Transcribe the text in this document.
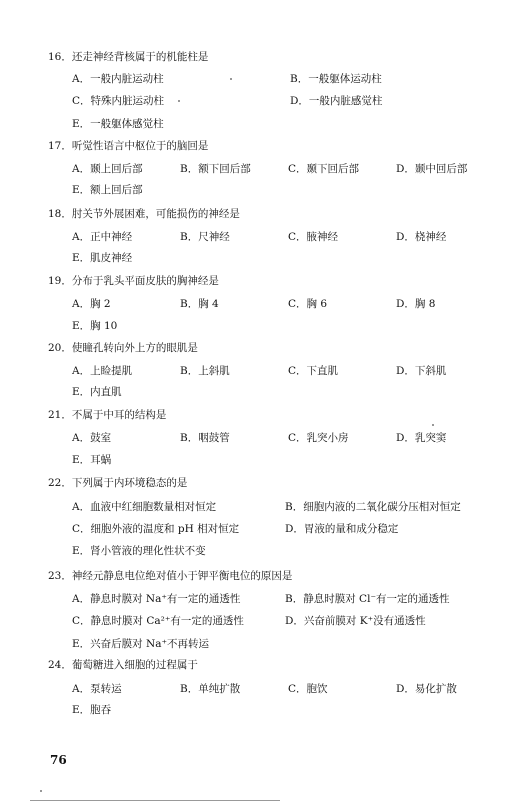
16．还走神经背核属于的机能柱是
A．一般内脏运动柱	B．一般躯体运动柱
C．特殊内脏运动柱	D．一般内脏感觉柱
E．一般躯体感觉柱
17．听觉性语言中枢位于的脑回是
A．颞上回后部	B．额下回后部	C．颞下回后部	D．颞中回后部
E．额上回后部
18．肘关节外展困难，可能损伤的神经是
A．正中神经	B．尺神经	C．腋神经	D．桡神经
E．肌皮神经
19．分布于乳头平面皮肤的胸神经是
A．胸 2	B．胸 4	C．胸 6	D．胸 8
E．胸 10
20．使瞳孔转向外上方的眼肌是
A．上睑提肌	B．上斜肌	C．下直肌	D．下斜肌
E．内直肌
21．不属于中耳的结构是
A．鼓室	B．咽鼓管	C．乳突小房	D．乳突窦
E．耳蜗
22．下列属于内环境稳态的是
A．血液中红细胞数量相对恒定	B．细胞内液的二氧化碳分压相对恒定
C．细胞外液的温度和 pH 相对恒定	D．胃液的量和成分稳定
E．肾小管液的理化性状不变
23．神经元静息电位绝对值小于钾平衡电位的原因是
A．静息时膜对 Na⁺有一定的通透性	B．静息时膜对 Cl⁻有一定的通透性
C．静息时膜对 Ca²⁺有一定的通透性	D．兴奋前膜对 K⁺没有通透性
E．兴奋后膜对 Na⁺不再转运
24．葡萄糖进入细胞的过程属于
A．泵转运	B．单纯扩散	C．胞饮	D．易化扩散
E．胞吞
76
